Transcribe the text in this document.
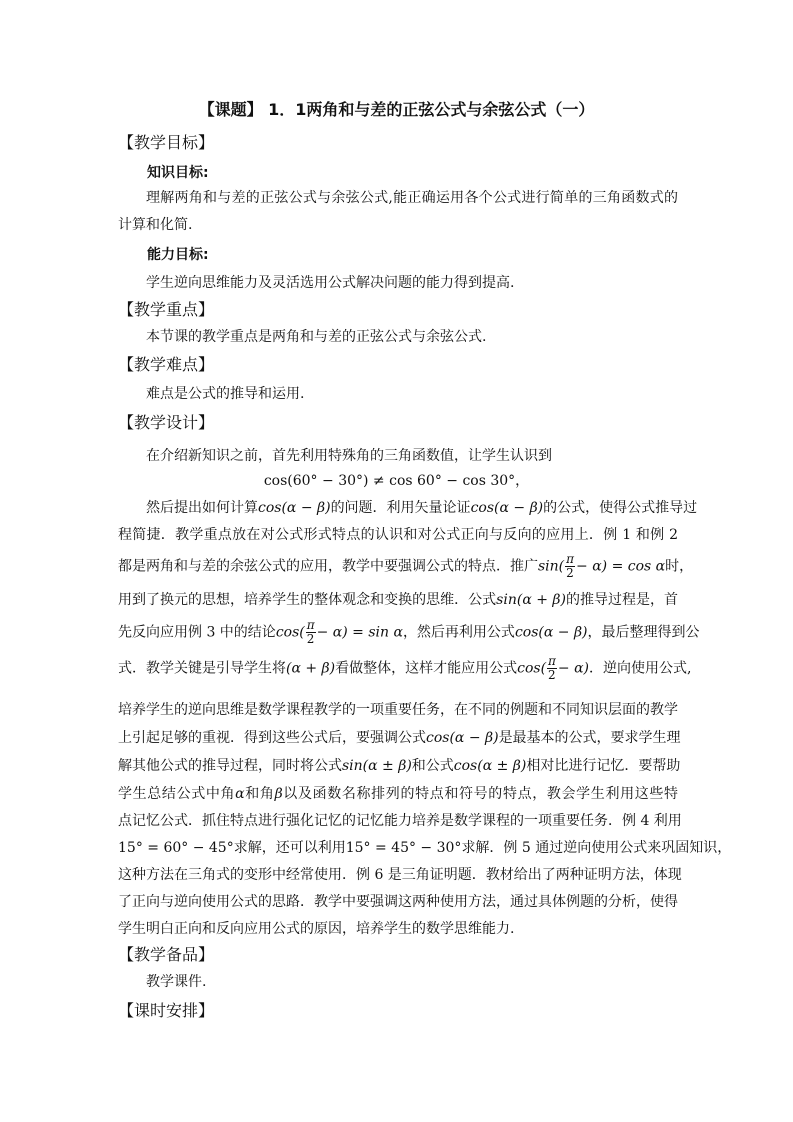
【课题】 1．1两角和与差的正弦公式与余弦公式（一）
【教学目标】
知识目标:
理解两角和与差的正弦公式与余弦公式,能正确运用各个公式进行简单的三角函数式的
计算和化简.
能力目标:
学生逆向思维能力及灵活选用公式解决问题的能力得到提高.
【教学重点】
本节课的教学重点是两角和与差的正弦公式与余弦公式.
【教学难点】
难点是公式的推导和运用.
【教学设计】
在介绍新知识之前，首先利用特殊角的三角函数值，让学生认识到
cos(60° − 30°) ≠ cos 60° − cos 30°，
然后提出如何计算cos(α − β)的问题．利用矢量论证cos(α − β)的公式，使得公式推导过
程简捷．教学重点放在对公式形式特点的认识和对公式正向与反向的应用上．例 1 和例 2
都是两角和与差的余弦公式的应用，教学中要强调公式的特点．推广$\sin( \frac{\pi}{2} - \alpha) = \cos \alpha$时，
用到了换元的思想，培养学生的整体观念和变换的思维．公式sin(α + β)的推导过程是，首
先反向应用例 3 中的结论$\cos( \frac{\pi}{2} - \alpha) = \sin \alpha$，然后再利用公式cos(α − β)，最后整理得到公
式．教学关键是引导学生将(α + β)看做整体，这样才能应用公式$\cos( \frac{\pi}{2} - \alpha)$．逆向使用公式,
培养学生的逆向思维是数学课程教学的一项重要任务，在不同的例题和不同知识层面的教学
上引起足够的重视．得到这些公式后，要强调公式cos(α − β)是最基本的公式，要求学生理
解其他公式的推导过程，同时将公式sin(α ± β)和公式cos(α ± β)相对比进行记忆．要帮助
学生总结公式中角α和角β以及函数名称排列的特点和符号的特点，教会学生利用这些特
点记忆公式．抓住特点进行强化记忆的记忆能力培养是数学课程的一项重要任务．例 4 利用
15° = 60° − 45°求解，还可以利用15° = 45° − 30°求解．例 5 通过逆向使用公式来巩固知识，
这种方法在三角式的变形中经常使用．例 6 是三角证明题．教材给出了两种证明方法，体现
了正向与逆向使用公式的思路．教学中要强调这两种使用方法，通过具体例题的分析，使得
学生明白正向和反向应用公式的原因，培养学生的数学思维能力.
【教学备品】
教学课件.
【课时安排】
